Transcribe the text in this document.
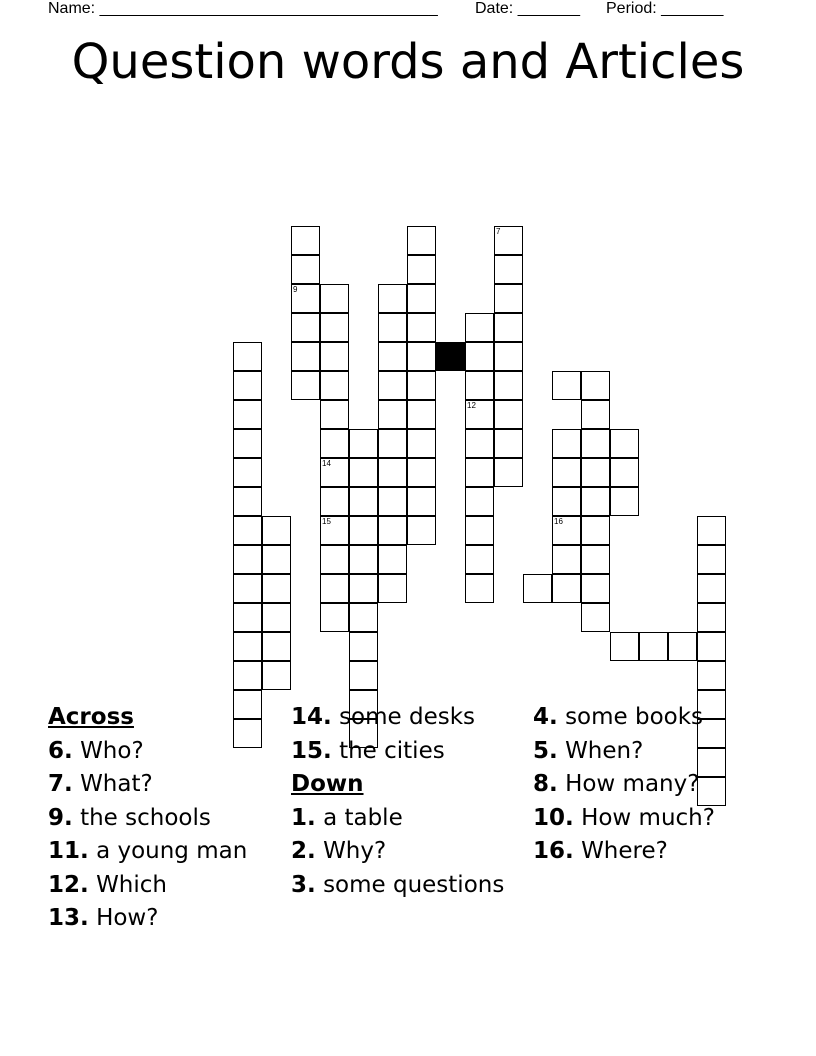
Name: ______________________________________ Date: _______ Period: _______
Question words and Articles
16
9
12
14
15
7
Across
6. Who?
7. What?
9. the schools
11. a young man
12. Which
13. How?
14. some desks
15. the cities
Down
1. a table
2. Why?
3. some questions
4. some books
5. When?
8. How many?
10. How much?
16. Where?
